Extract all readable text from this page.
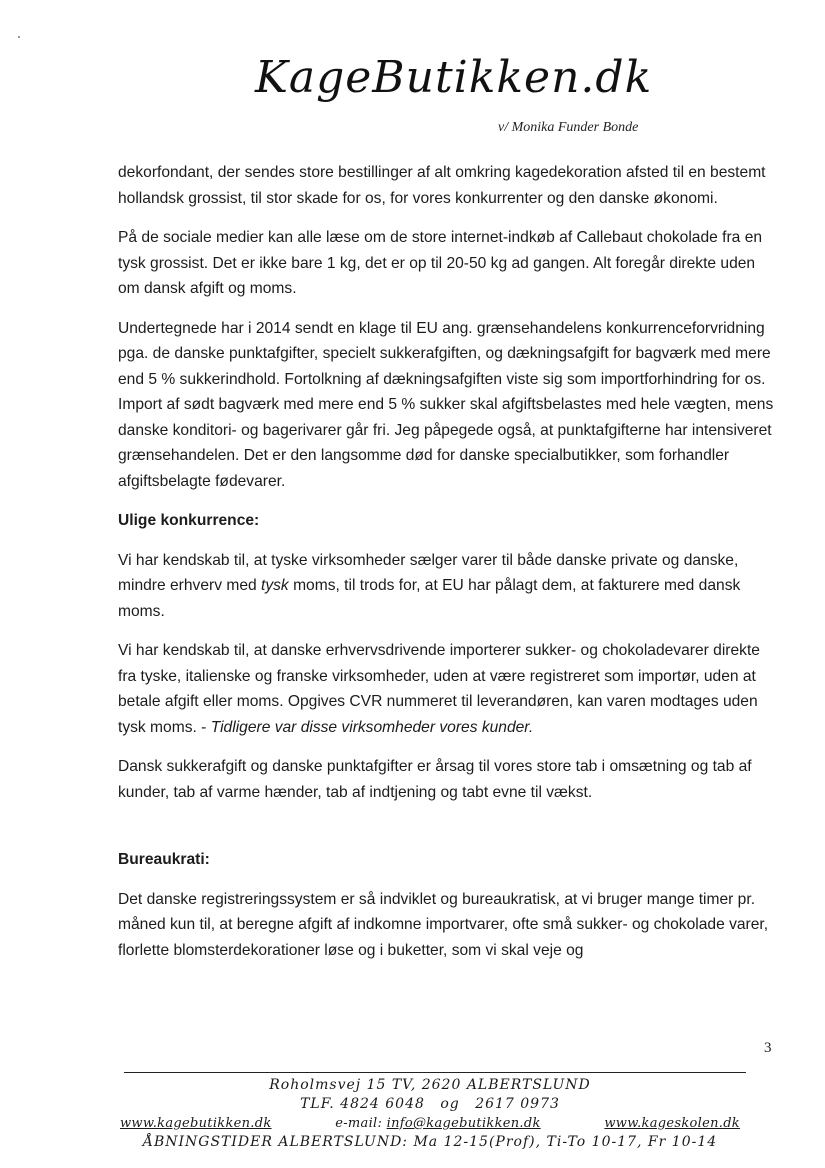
KageButikken.dk
v/ Monika Funder Bonde

dekorfondant, der sendes store bestillinger af alt omkring kagedekoration afsted til en bestemt hollandsk grossist, til stor skade for os, for vores konkurrenter og den danske økonomi.

På de sociale medier kan alle læse om de store internet-indkøb af Callebaut chokolade fra en tysk grossist. Det er ikke bare 1 kg, det er op til 20-50 kg ad gangen. Alt foregår direkte uden om dansk afgift og moms.

Undertegnede har i 2014 sendt en klage til EU ang. grænsehandelens konkurrenceforvridning pga. de danske punktafgifter, specielt sukkerafgiften, og dækningsafgift for bagværk med mere end 5 % sukkerindhold. Fortolkning af dækningsafgiften viste sig som importforhindring for os. Import af sødt bagværk med mere end 5 % sukker skal afgiftsbelastes med hele vægten, mens danske konditori- og bagerivarer går fri. Jeg påpegede også, at punktafgifterne har intensiveret grænsehandelen. Det er den langsomme død for danske specialbutikker, som forhandler afgiftsbelagte fødevarer.

Ulige konkurrence:

Vi har kendskab til, at tyske virksomheder sælger varer til både danske private og danske, mindre erhverv med tysk moms, til trods for, at EU har pålagt dem, at fakturere med dansk moms.

Vi har kendskab til, at danske erhvervsdrivende importerer sukker- og chokoladevarer direkte fra tyske, italienske og franske virksomheder, uden at være registreret som importør, uden at betale afgift eller moms. Opgives CVR nummeret til leverandøren, kan varen modtages uden tysk moms. - Tidligere var disse virksomheder vores kunder.

Dansk sukkerafgift og danske punktafgifter er årsag til vores store tab i omsætning og tab af kunder, tab af varme hænder, tab af indtjening og tabt evne til vækst.

Bureaukrati:

Det danske registreringssystem er så indviklet og bureaukratisk, at vi bruger mange timer pr. måned kun til, at beregne afgift af indkomne importvarer, ofte små sukker- og chokolade varer, florlette blomsterdekorationer løse og i buketter, som vi skal veje og

3
Roholmsvej 15 TV, 2620 ALBERTSLUND
TLF. 4824 6048 og 2617 0973
www.kagebutikken.dk	e-mail: info@kagebutikken.dk	www.kageskolen.dk
ÅBNINGSTIDER ALBERTSLUND: Ma 12-15(Prof), Ti-To 10-17, Fr 10-14
